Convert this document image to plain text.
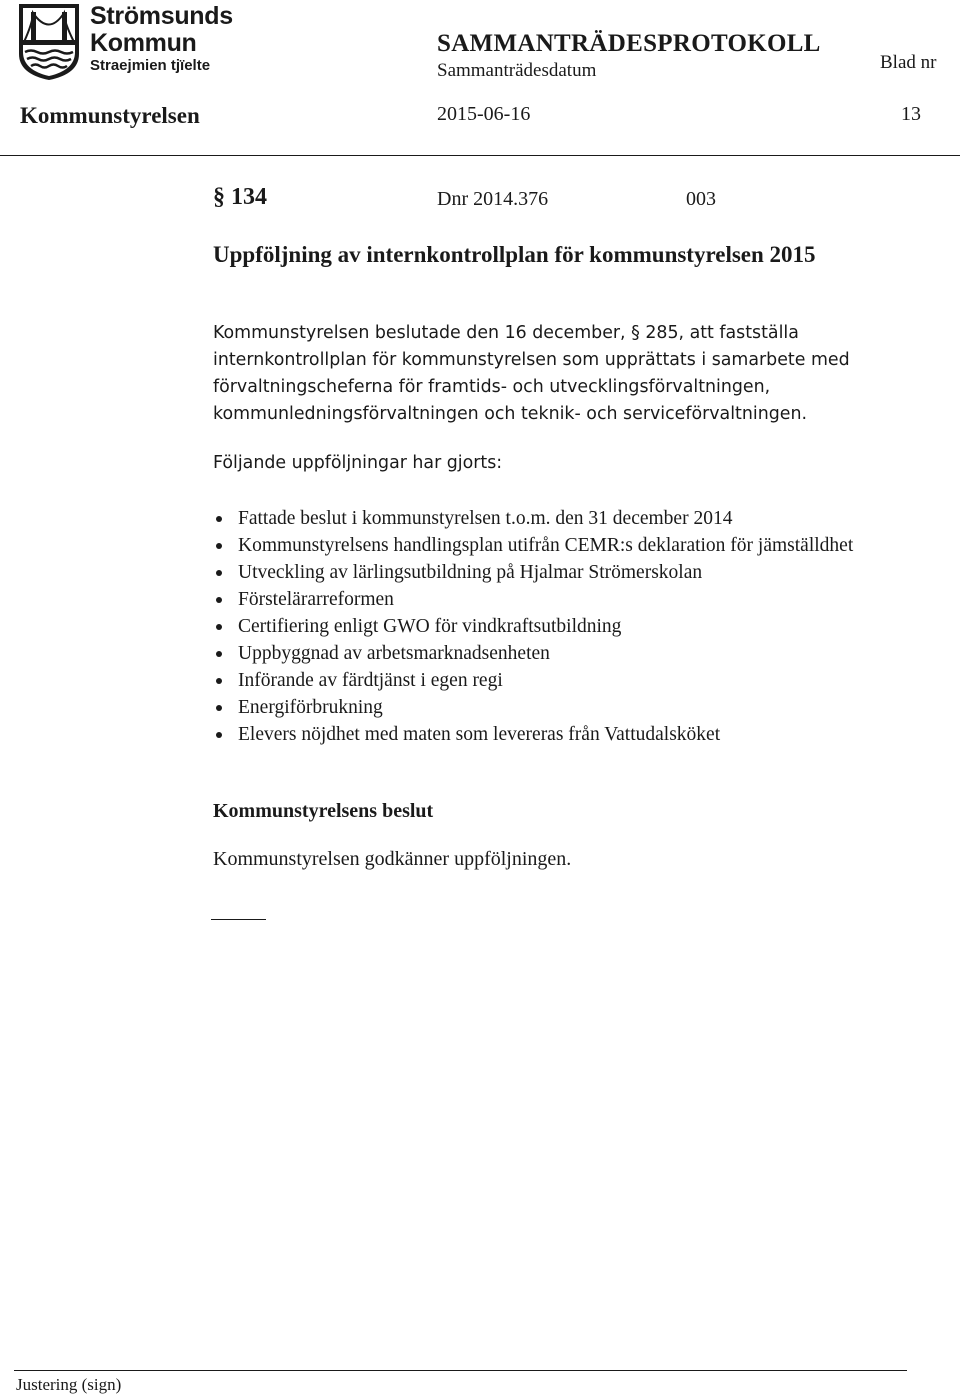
Strömsunds
Kommun
Straejmien tjïelte
SAMMANTRÄDESPROTOKOLL
Sammanträdesdatum	Blad nr
Kommunstyrelsen	2015-06-16	13
§ 134	Dnr 2014.376	003
Uppföljning av internkontrollplan för kommunstyrelsen 2015
Kommunstyrelsen beslutade den 16 december, § 285, att fastställa internkontrollplan för kommunstyrelsen som upprättats i samarbete med förvaltningscheferna för framtids- och utvecklingsförvaltningen, kommunledningsförvaltningen och teknik- och serviceförvaltningen.
Följande uppföljningar har gjorts:
Fattade beslut i kommunstyrelsen t.o.m. den 31 december 2014
Kommunstyrelsens handlingsplan utifrån CEMR:s deklaration för jämställdhet
Utveckling av lärlingsutbildning på Hjalmar Strömerskolan
Förstelärarreformen
Certifiering enligt GWO för vindkraftsutbildning
Uppbyggnad av arbetsmarknadsenheten
Införande av färdtjänst i egen regi
Energiförbrukning
Elevers nöjdhet med maten som levereras från Vattudalsköket
Kommunstyrelsens beslut
Kommunstyrelsen godkänner uppföljningen.
Justering (sign)
